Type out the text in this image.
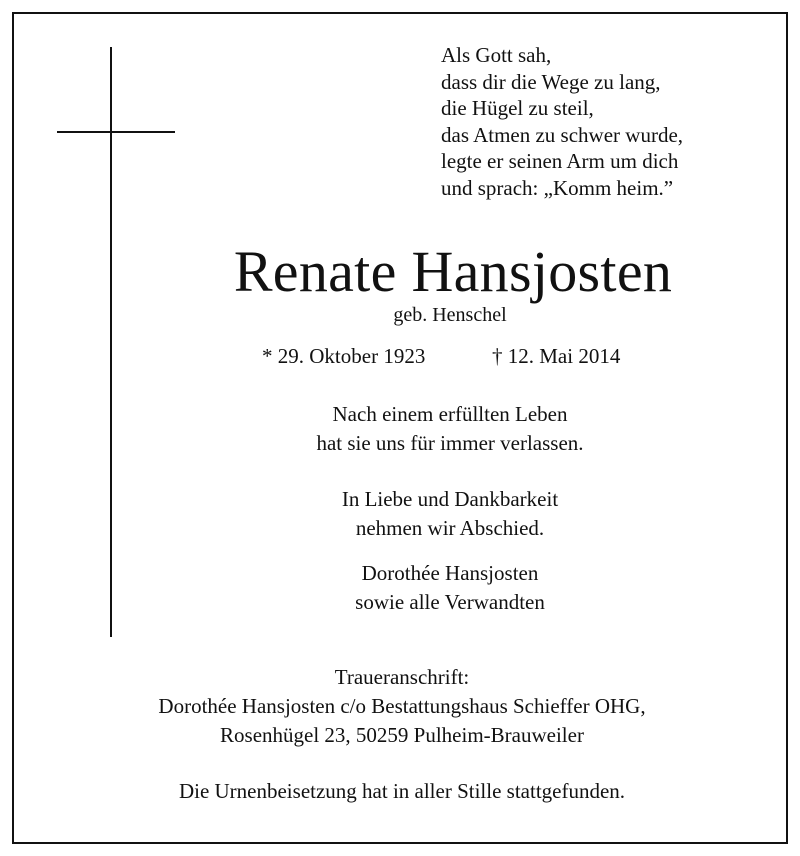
Als Gott sah,
dass dir die Wege zu lang,
die Hügel zu steil,
das Atmen zu schwer wurde,
legte er seinen Arm um dich
und sprach: „Komm heim.”
Renate Hansjosten
geb. Henschel
* 29. Oktober 1923	† 12. Mai 2014
Nach einem erfüllten Leben
hat sie uns für immer verlassen.
In Liebe und Dankbarkeit
nehmen wir Abschied.
Dorothée Hansjosten
sowie alle Verwandten
Traueranschrift:
Dorothée Hansjosten c/o Bestattungshaus Schieffer OHG,
Rosenhügel 23, 50259 Pulheim-Brauweiler
Die Urnenbeisetzung hat in aller Stille stattgefunden.
